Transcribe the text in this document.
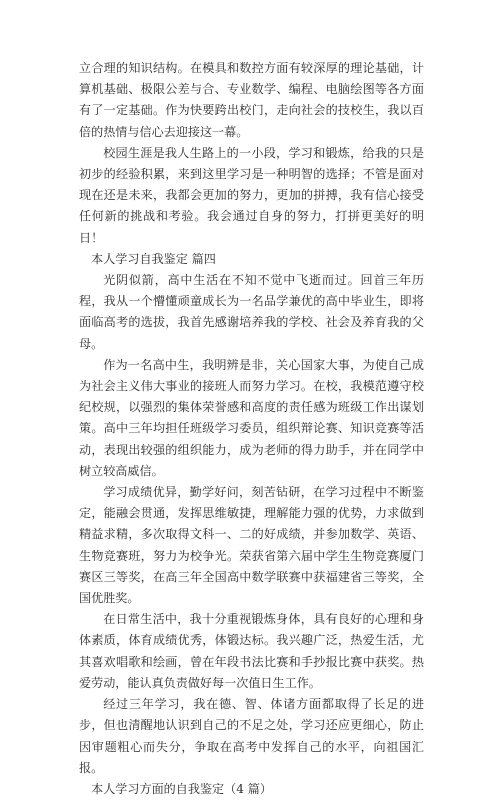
立合理的知识结构。在模具和数控方面有较深厚的理论基础，计算机基础、极限公差与合、专业数学、编程、电脑绘图等各方面有了一定基础。作为快要跨出校门，走向社会的技校生，我以百倍的热情与信心去迎接这一幕。

校园生涯是我人生路上的一小段，学习和锻炼，给我的只是初步的经验积累，来到这里学习是一种明智的选择；不管是面对现在还是未来，我都会更加的努力，更加的拼搏，我有信心接受任何新的挑战和考验。我会通过自身的努力，打拼更美好的明日！

本人学习自我鉴定 篇四

光阴似箭，高中生活在不知不觉中飞逝而过。回首三年历程，我从一个懵懂顽童成长为一名品学兼优的高中毕业生，即将面临高考的选拔，我首先感谢培养我的学校、社会及养育我的父母。

作为一名高中生，我明辨是非，关心国家大事，为使自己成为社会主义伟大事业的接班人而努力学习。在校，我模范遵守校纪校规，以强烈的集体荣誉感和高度的责任感为班级工作出谋划策。高中三年均担任班级学习委员，组织辩论赛、知识竞赛等活动，表现出较强的组织能力，成为老师的得力助手，并在同学中树立较高威信。

学习成绩优异，勤学好问，刻苦钻研，在学习过程中不断鉴定，能融会贯通，发挥思维敏捷，理解能力强的优势，力求做到精益求精，多次取得文科一、二的好成绩，并参加数学、英语、生物竞赛班，努力为校争光。荣获省第六届中学生生物竞赛厦门赛区三等奖，在高三年全国高中数学联赛中获福建省三等奖，全国优胜奖。

在日常生活中，我十分重视锻炼身体，具有良好的心理和身体素质，体育成绩优秀，体锻达标。我兴趣广泛，热爱生活，尤其喜欢唱歌和绘画，曾在年段书法比赛和手抄报比赛中获奖。热爱劳动，能认真负责做好每一次值日生工作。

经过三年学习，我在德、智、体诸方面都取得了长足的进步，但也清醒地认识到自己的不足之处，学习还应更细心，防止因审题粗心而失分，争取在高考中发挥自己的水平，向祖国汇报。

本人学习方面的自我鉴定（4 篇）
